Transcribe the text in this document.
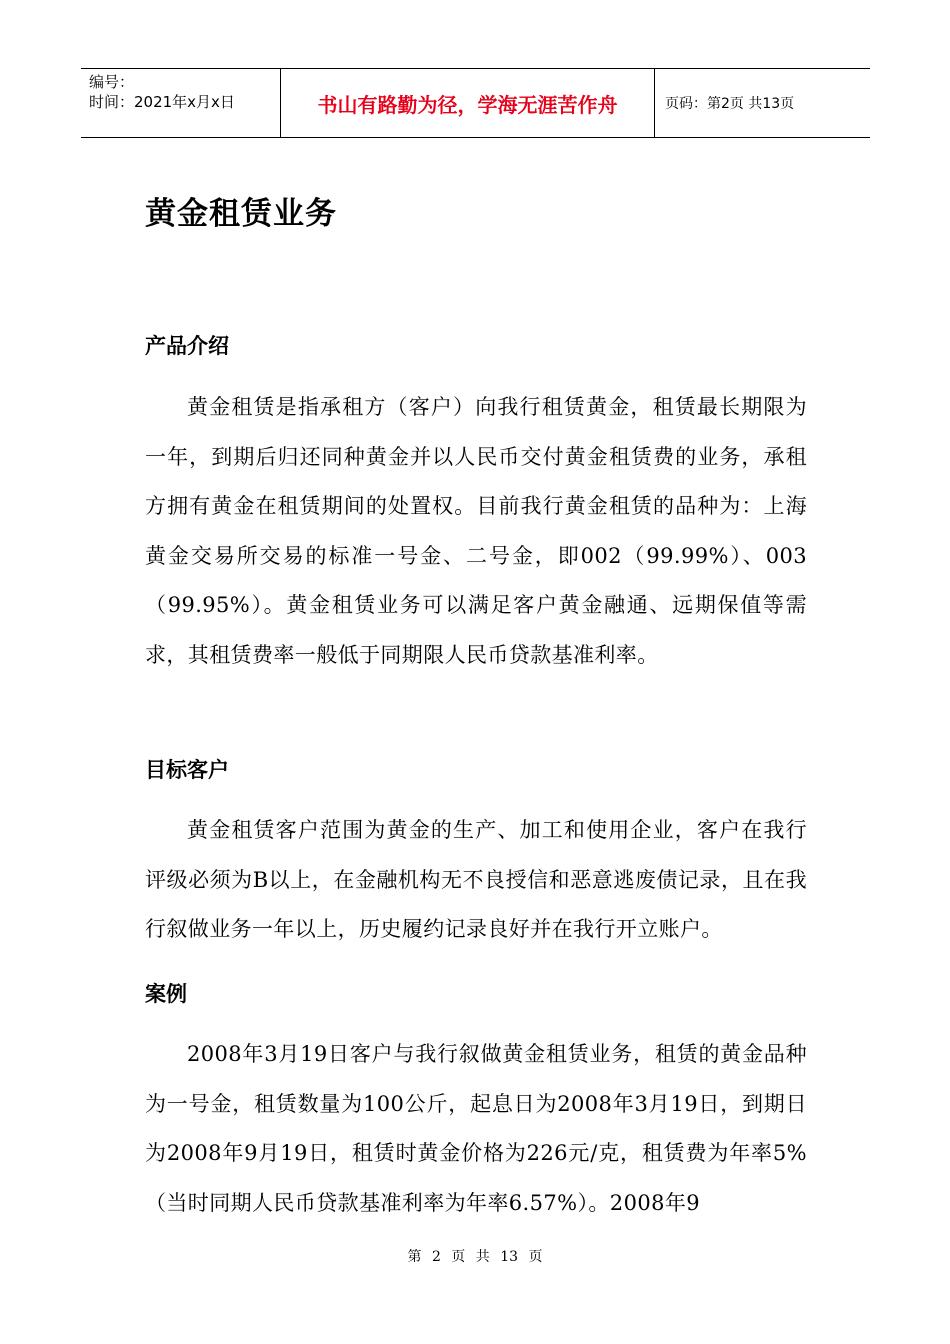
编号：
时间：2021年x月x日	书山有路勤为径，学海无涯苦作舟	页码：第2页 共13页
黄金租赁业务
产品介绍

黄金租赁是指承租方（客户）向我行租赁黄金，租赁最长期限为一年，到期后归还同种黄金并以人民币交付黄金租赁费的业务，承租方拥有黄金在租赁期间的处置权。目前我行黄金租赁的品种为：上海黄金交易所交易的标准一号金、二号金，即002（99.99%）、003（99.95%）。黄金租赁业务可以满足客户黄金融通、远期保值等需求，其租赁费率一般低于同期限人民币贷款基准利率。

目标客户

黄金租赁客户范围为黄金的生产、加工和使用企业，客户在我行评级必须为B以上，在金融机构无不良授信和恶意逃废债记录，且在我行叙做业务一年以上，历史履约记录良好并在我行开立账户。

案例

2008年3月19日客户与我行叙做黄金租赁业务，租赁的黄金品种为一号金，租赁数量为100公斤，起息日为2008年3月19日，到期日为2008年9月19日，租赁时黄金价格为226元/克，租赁费为年率5%（当时同期人民币贷款基准利率为年率6.57%）。2008年9

第 2 页 共 13 页
